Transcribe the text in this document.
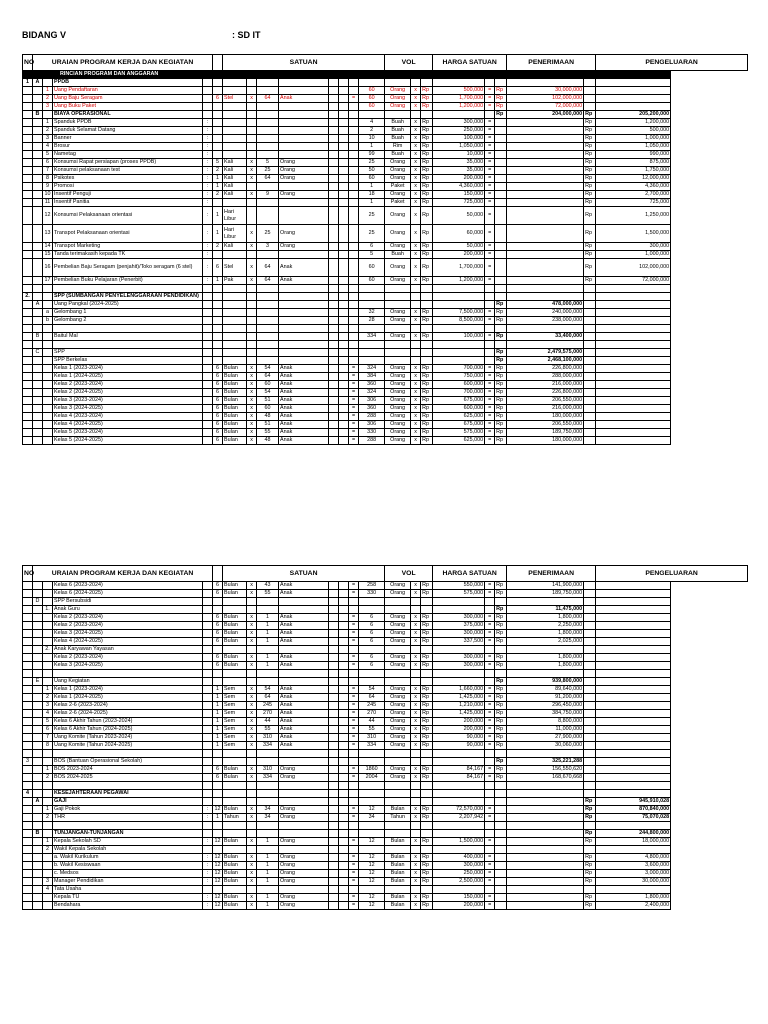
BIDANG V	: SD IT
NO	URAIAN PROGRAM KERJA DAN KEGIATAN					SATUAN								VOL			HARGA SATUAN			PENERIMAAN		PENGELUARAN
RINCIAN PROGRAM DAN ANGGARAN																						
1	A		PPDB																			
		1	Uang Pendaftaran										60	Orang	x	Rp	500,000	=	Rp	30,000,000		
		2	Uang Baju Seragam		6	Stel	x	64	Anak			=	60	Orang	x	Rp	1,700,000	=	Rp	102,000,000		
		3	Uang Buku Paket										60	Orang	x	Rp	1,200,000	=	Rp	72,000,000		
	B		BIAYA OPERASIONAL																Rp	204,000,000	Rp	205,200,000
		1	Spanduk PPDB	:									4	Buah	x	Rp	300,000	=			Rp	1,200,000
		2	Spanduk Selamat Datang	:									2	Buah	x	Rp	250,000	=			Rp	500,000
		3	Banner	:									10	Buah	x	Rp	100,000	=			Rp	1,000,000
		4	Brosur	:									1	Rim	x	Rp	1,050,000	=			Rp	1,050,000
		5	Nametag	:									99	Buah	x	Rp	10,000	=			Rp	990,000
		6	Konsumsi Rapat persiapan (proses PPDB)	:	5	Kali	x	5	Orang				25	Orang	x	Rp	35,000	=			Rp	875,000
		7	Konsumsi pelaksanaan test	:	2	Kali	x	25	Orang				50	Orang	x	Rp	35,000	=			Rp	1,750,000
		8	Psikotes	:	1	Kali	x	64	Orang				60	Orang	x	Rp	200,000	=			Rp	12,000,000
		9	Promosi	:	1	Kali							1	Paket	x	Rp	4,360,000	=			Rp	4,360,000
		10	Insentif Penguji	:	2	Kali	x	9	Orang				18	Orang	x	Rp	150,000	=			Rp	2,700,000
		11	Insentif Panitia	:									1	Paket	x	Rp	725,000	=			Rp	725,000
		12	Konsumsi Pelaksanaan orientasi	:	1	Hari Libur							25	Orang	x	Rp	50,000	=			Rp	1,250,000
		13	Transpot Pelaksanaan orientasi	:	1	Hari Libur	x	25	Orang				25	Orang	x	Rp	60,000	=			Rp	1,500,000
		14	Transpot Marketing	:	2	Kali	x	3	Orang				6	Orang	x	Rp	50,000	=			Rp	300,000
		15	Tanda terimakasih kepada TK	:									5	Buah	x	Rp	200,000	=			Rp	1,000,000
		16	Pembelian Baju Seragam (penjahit)/Toko seragam (6 stel)	:	6	Stel	x	64	Anak				60	Orang	x	Rp	1,700,000	=			Rp	102,000,000
		17	Pembelian Buku Pelajaran (Penerbit)	:	1	Pak	x	64	Anak				60	Orang	x	Rp	1,200,000	=			Rp	72,000,000

2.			SPP (SUMBANGAN PENYELENGGARAAN PENDIDIKAN)																			
	A		Uang Pangkal (2024-2025)																Rp	478,000,000		
		a	Gelombang 1										32	Orang	x	Rp	7,500,000	=	Rp	240,000,000		
		b	Gelombang 2										28	Orang	x	Rp	8,500,000	=	Rp	238,000,000		

	B		Baitul Mal										334	Orang	x	Rp	100,000	=	Rp	33,400,000		

	C		SPP																Rp	2,479,575,000		
			SPP Berkelas																Rp	2,468,100,000		
			Kelas 1 (2023-2024)		6	Bulan	x	54	Anak			=	324	Orang	x	Rp	700,000	=	Rp	226,800,000		
			Kelas 1 (2024-2025)		6	Bulan	x	64	Anak			=	384	Orang	x	Rp	750,000	=	Rp	288,000,000		
			Kelas 2 (2023-2024)		6	Bulan	x	60	Anak			=	360	Orang	x	Rp	600,000	=	Rp	216,000,000		
			Kelas 2 (2024-2025)		6	Bulan	x	54	Anak			=	324	Orang	x	Rp	700,000	=	Rp	226,800,000		
			Kelas 3 (2023-2024)		6	Bulan	x	51	Anak			=	306	Orang	x	Rp	675,000	=	Rp	206,550,000		
			Kelas 3 (2024-2025)		6	Bulan	x	60	Anak			=	360	Orang	x	Rp	600,000	=	Rp	216,000,000		
			Kelas 4 (2023-2024)		6	Bulan	x	48	Anak			=	288	Orang	x	Rp	625,000	=	Rp	180,000,000		
			Kelas 4 (2024-2025)		6	Bulan	x	51	Anak			=	306	Orang	x	Rp	675,000	=	Rp	206,550,000		
			Kelas 5 (2023-2024)		6	Bulan	x	55	Anak			=	330	Orang	x	Rp	575,000	=	Rp	189,750,000		
			Kelas 5 (2024-2025)		6	Bulan	x	48	Anak			=	288	Orang	x	Rp	625,000	=	Rp	180,000,000		
NO	URAIAN PROGRAM KERJA DAN KEGIATAN					SATUAN								VOL			HARGA SATUAN			PENERIMAAN		PENGELUARAN
			Kelas 6 (2023-2024)		6	Bulan	x	43	Anak			=	258	Orang	x	Rp	550,000	=	Rp	141,900,000		
			Kelas 6 (2024-2025)		6	Bulan	x	55	Anak			=	330	Orang	x	Rp	575,000	=	Rp	189,750,000		
	D		SPP Bersubsidi																			
		1.	Anak Guru																Rp	11,475,000		
			Kelas 2 (2023-2024)		6	Bulan	x	1	Anak			=	6	Orang	x	Rp	300,000	=	Rp	1,800,000		
			Kelas 2 (2023-2024)		6	Bulan	x	1	Anak			=	6	Orang	x	Rp	375,000	=	Rp	2,250,000		
			Kelas 3 (2024-2025)		6	Bulan	x	1	Anak			=	6	Orang	x	Rp	300,000	=	Rp	1,800,000		
			Kelas 4 (2024-2025)		6	Bulan	x	1	Anak			=	6	Orang	x	Rp	337,500	=	Rp	2,025,000		
		2.	Anak Karyawan Yayasan																			
			Kelas 2 (2023-2024)		6	Bulan	x	1	Anak			=	6	Orang	x	Rp	300,000	=	Rp	1,800,000		
			Kelas 3 (2024-2025)		6	Bulan	x	1	Anak			=	6	Orang	x	Rp	300,000	=	Rp	1,800,000		

	E		Uang Kegiatan																Rp	939,800,000		
		1	Kelas 1 (2023-2024)		1	Sem	x	54	Anak			=	54	Orang	x	Rp	1,660,000	=	Rp	89,640,000		
		2	Kelas 1 (2024-2025)		1	Sem	x	64	Anak			=	64	Orang	x	Rp	1,425,000	=	Rp	91,200,000		
		3	Kelas 2-6 (2023-2024)		1	Sem	x	245	Anak			=	245	Orang	x	Rp	1,210,000	=	Rp	296,450,000		
		4	Kelas 2-6 (2024-2025)		1	Sem	x	270	Anak			=	270	Orang	x	Rp	1,425,000	=	Rp	384,750,000		
		5	Kelas 6 Akhir Tahun (2023-2024)		1	Sem	x	44	Anak			=	44	Orang	x	Rp	200,000	=	Rp	8,800,000		
		6	Kelas 6 Akhir Tahun (2024-2025)		1	Sem	x	55	Anak			=	55	Orang	x	Rp	200,000	=	Rp	11,000,000		
		7	Uang Komite (Tahun 2023-2024)		1	Sem	x	310	Anak			=	310	Orang	x	Rp	90,000	=	Rp	27,900,000		
		8	Uang Komite (Tahun 2024-2025)		1	Sem	x	334	Anak			=	334	Orang	x	Rp	90,000	=	Rp	30,060,000		

3			BOS (Bantuan Operasional Sekolah)																Rp	325,221,288		
		1	BOS 2023-2024		6	Bulan	x	310	Orang			=	1860	Orang	x	Rp	84,167	=	Rp	156,550,620		
		2	BOS 2024-2025		6	Bulan	x	334	Orang			=	2004	Orang	x	Rp	84,167	=	Rp	168,670,668		

4			KESEJAHTERAAN PEGAWAI																			
	A		GAJI																		Rp	945,910,028
		1	Gaji Pokok	:	12	Bulan	x	34	Orang			=	12	Bulan	x	Rp	72,570,000	=			Rp	870,840,000
		2	THR	:	1	Tahun	x	34	Orang			=	34	Tahun	x	Rp	2,207,942	=			Rp	75,070,028

	B		TUNJANGAN-TUNJANGAN																		Rp	244,800,000
		1	Kepala Sekolah SD	:	12	Bulan	x	1	Orang			=	12	Bulan	x	Rp	1,500,000	=			Rp	18,000,000
		2	Wakil Kepala Sekolah																			
			a. Wakil Kurikulum	:	12	Bulan	x	1	Orang			=	12	Bulan	x	Rp	400,000	=			Rp	4,800,000
			b. Wakil Kesiswaan	:	12	Bulan	x	1	Orang			=	12	Bulan	x	Rp	300,000	=			Rp	3,600,000
			c. Medsos	:	12	Bulan	x	1	Orang			=	12	Bulan	x	Rp	250,000	=			Rp	3,000,000
		3	Manager Pendidikan	:	12	Bulan	x	1	Orang			=	12	Bulan	x	Rp	2,500,000	=			Rp	30,000,000
		4	Tata Usaha																			
			Kepala TU	:	12	Bulan	x	1	Orang			=	12	Bulan	x	Rp	150,000	=			Rp	1,800,000
			Bendahara	:	12	Bulan	x	1	Orang			=	12	Bulan	x	Rp	200,000	=			Rp	2,400,000
